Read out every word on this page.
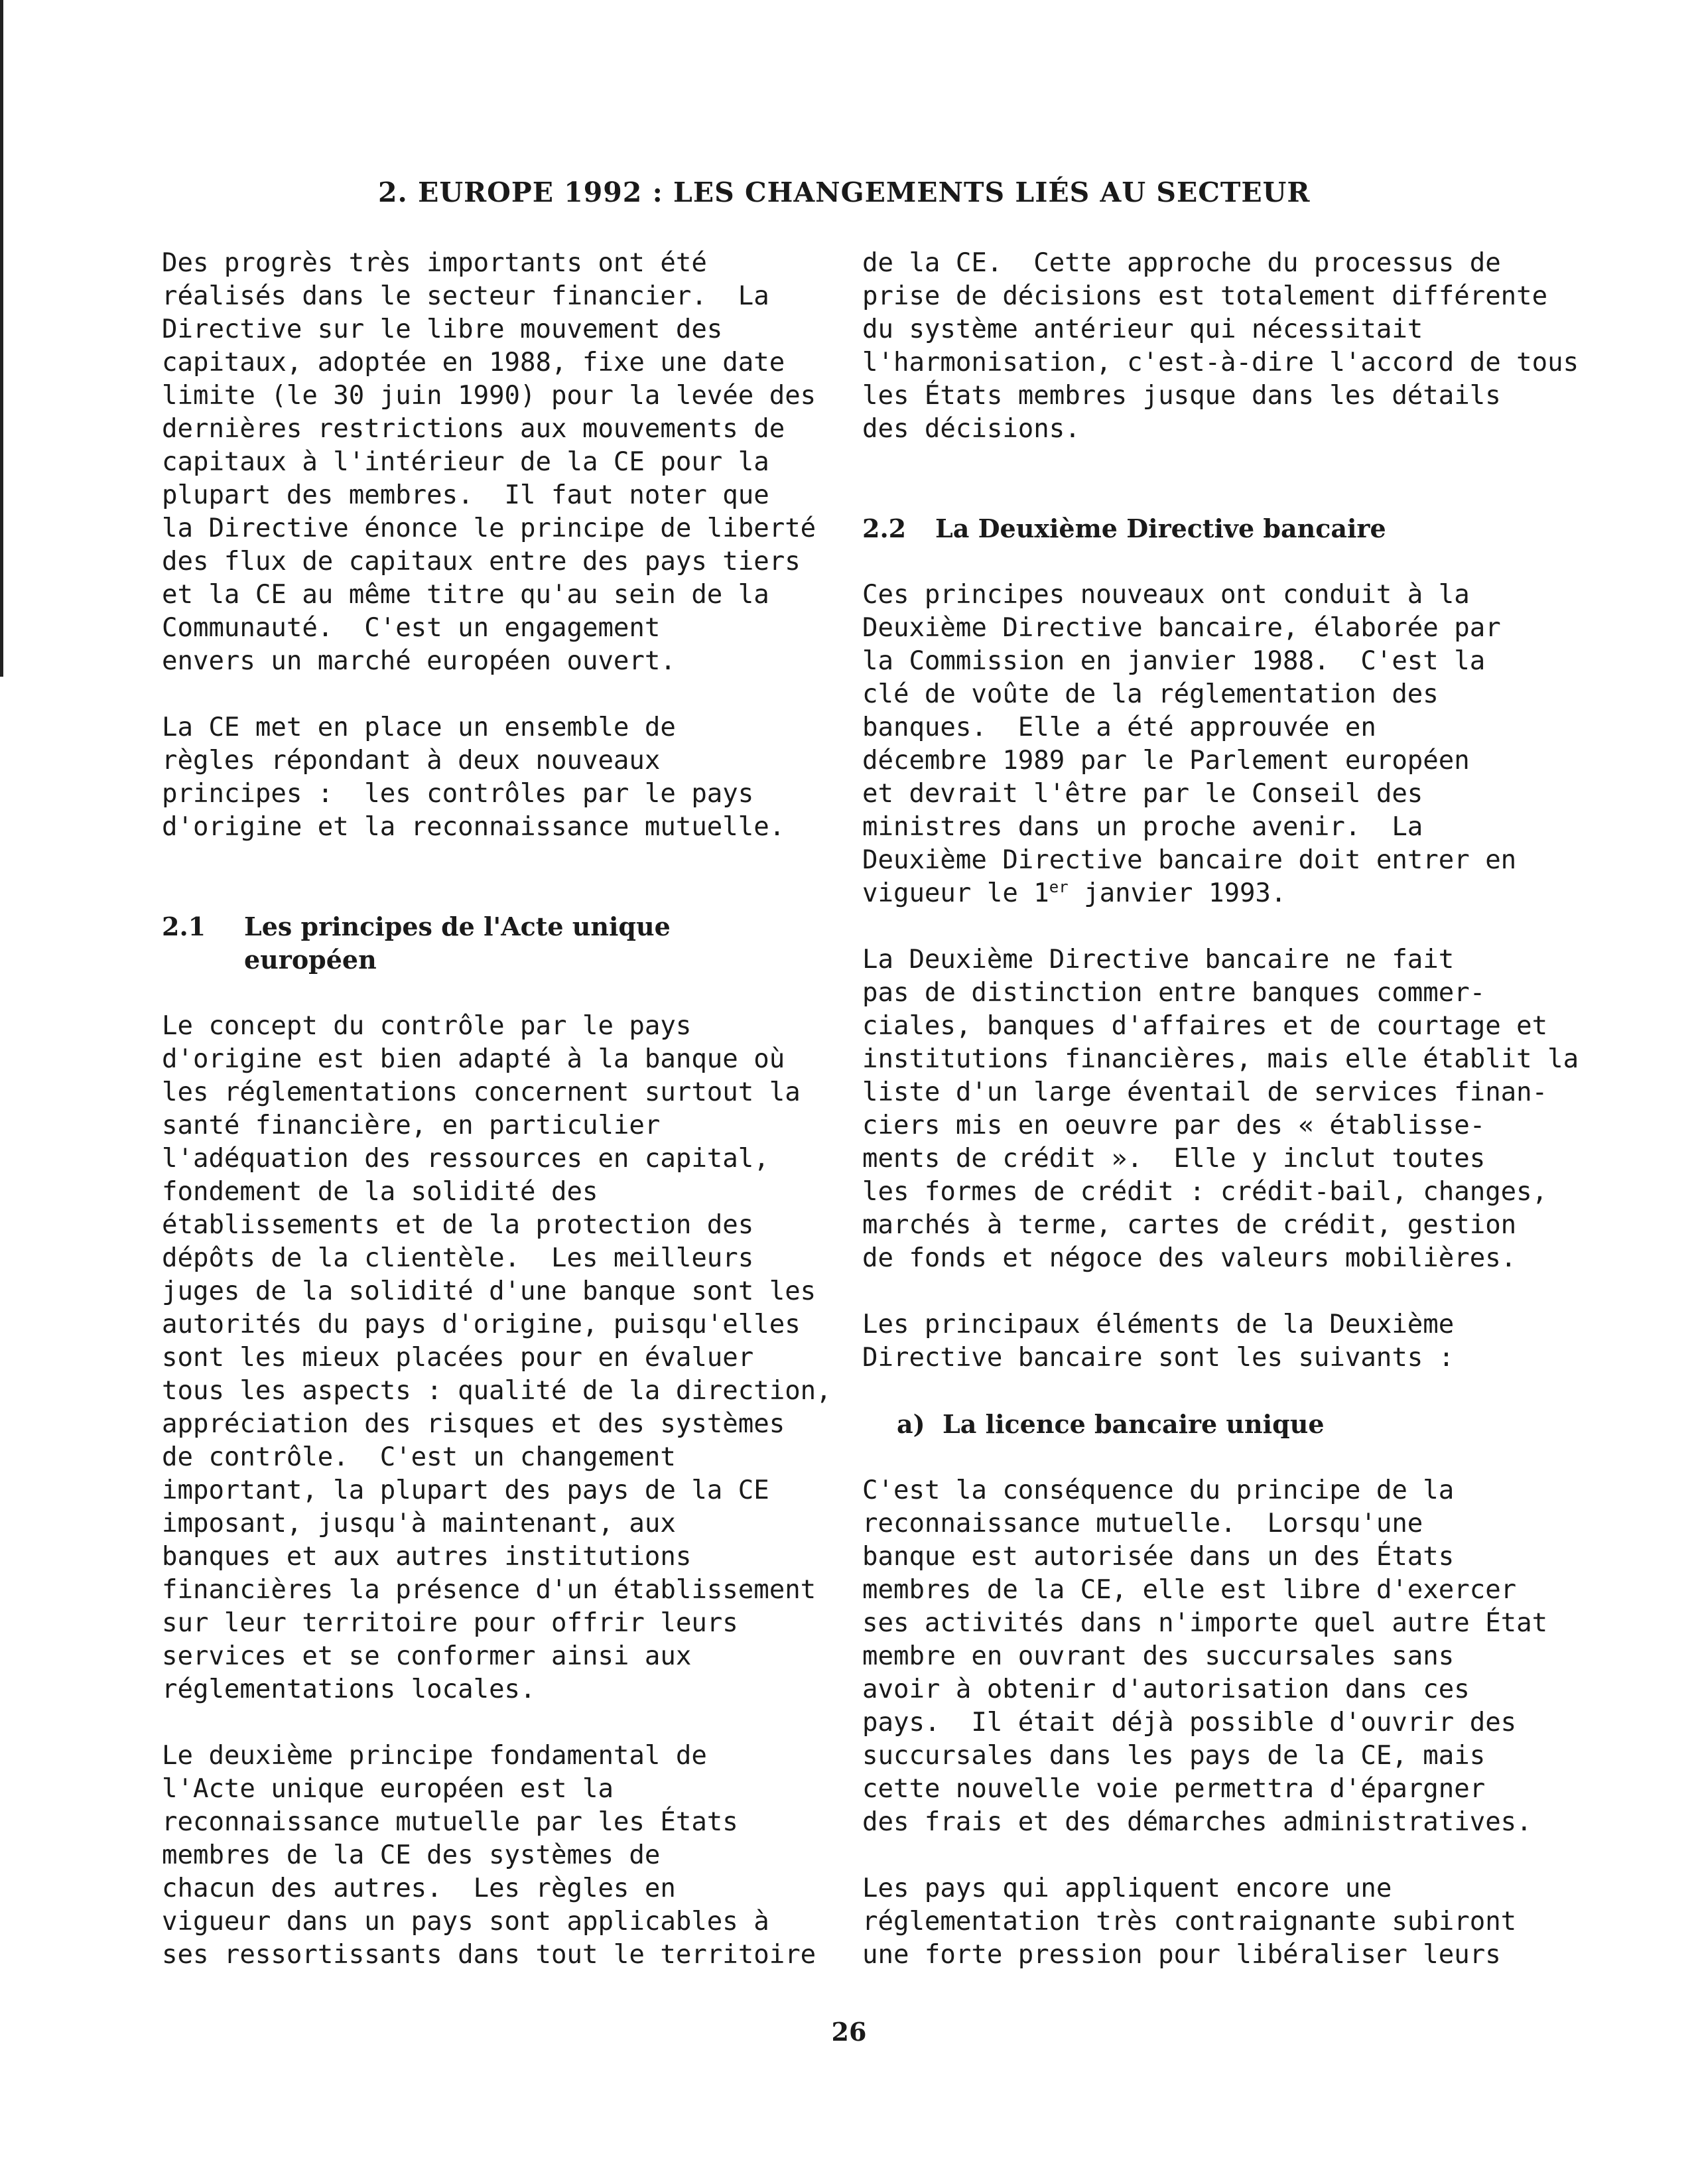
2. EUROPE 1992 : LES CHANGEMENTS LIÉS AU SECTEUR
Des progrès très importants ont été
réalisés dans le secteur financier.  La
Directive sur le libre mouvement des
capitaux, adoptée en 1988, fixe une date
limite (le 30 juin 1990) pour la levée des
dernières restrictions aux mouvements de
capitaux à l'intérieur de la CE pour la
plupart des membres.  Il faut noter que
la Directive énonce le principe de liberté
des flux de capitaux entre des pays tiers
et la CE au même titre qu'au sein de la
Communauté.  C'est un engagement
envers un marché européen ouvert.
La CE met en place un ensemble de
règles répondant à deux nouveaux
principes :  les contrôles par le pays
d'origine et la reconnaissance mutuelle.
2.1 Les principes de l'Acte unique
européen
Le concept du contrôle par le pays
d'origine est bien adapté à la banque où
les réglementations concernent surtout la
santé financière, en particulier
l'adéquation des ressources en capital,
fondement de la solidité des
établissements et de la protection des
dépôts de la clientèle.  Les meilleurs
juges de la solidité d'une banque sont les
autorités du pays d'origine, puisqu'elles
sont les mieux placées pour en évaluer
tous les aspects : qualité de la direction,
appréciation des risques et des systèmes
de contrôle.  C'est un changement
important, la plupart des pays de la CE
imposant, jusqu'à maintenant, aux
banques et aux autres institutions
financières la présence d'un établissement
sur leur territoire pour offrir leurs
services et se conformer ainsi aux
réglementations locales.
Le deuxième principe fondamental de
l'Acte unique européen est la
reconnaissance mutuelle par les États
membres de la CE des systèmes de
chacun des autres.  Les règles en
vigueur dans un pays sont applicables à
ses ressortissants dans tout le territoire
de la CE.  Cette approche du processus de
prise de décisions est totalement différente
du système antérieur qui nécessitait
l'harmonisation, c'est-à-dire l'accord de tous
les États membres jusque dans les détails
des décisions.
2.2 La Deuxième Directive bancaire
Ces principes nouveaux ont conduit à la
Deuxième Directive bancaire, élaborée par
la Commission en janvier 1988.  C'est la
clé de voûte de la réglementation des
banques.  Elle a été approuvée en
décembre 1989 par le Parlement européen
et devrait l'être par le Conseil des
ministres dans un proche avenir.  La
Deuxième Directive bancaire doit entrer en
vigueur le 1er janvier 1993.
La Deuxième Directive bancaire ne fait
pas de distinction entre banques commer-
ciales, banques d'affaires et de courtage et
institutions financières, mais elle établit la
liste d'un large éventail de services finan-
ciers mis en oeuvre par des « établisse-
ments de crédit ».  Elle y inclut toutes
les formes de crédit : crédit-bail, changes,
marchés à terme, cartes de crédit, gestion
de fonds et négoce des valeurs mobilières.
Les principaux éléments de la Deuxième
Directive bancaire sont les suivants :
a)  La licence bancaire unique
C'est la conséquence du principe de la
reconnaissance mutuelle.  Lorsqu'une
banque est autorisée dans un des États
membres de la CE, elle est libre d'exercer
ses activités dans n'importe quel autre État
membre en ouvrant des succursales sans
avoir à obtenir d'autorisation dans ces
pays.  Il était déjà possible d'ouvrir des
succursales dans les pays de la CE, mais
cette nouvelle voie permettra d'épargner
des frais et des démarches administratives.
Les pays qui appliquent encore une
réglementation très contraignante subiront
une forte pression pour libéraliser leurs
26
